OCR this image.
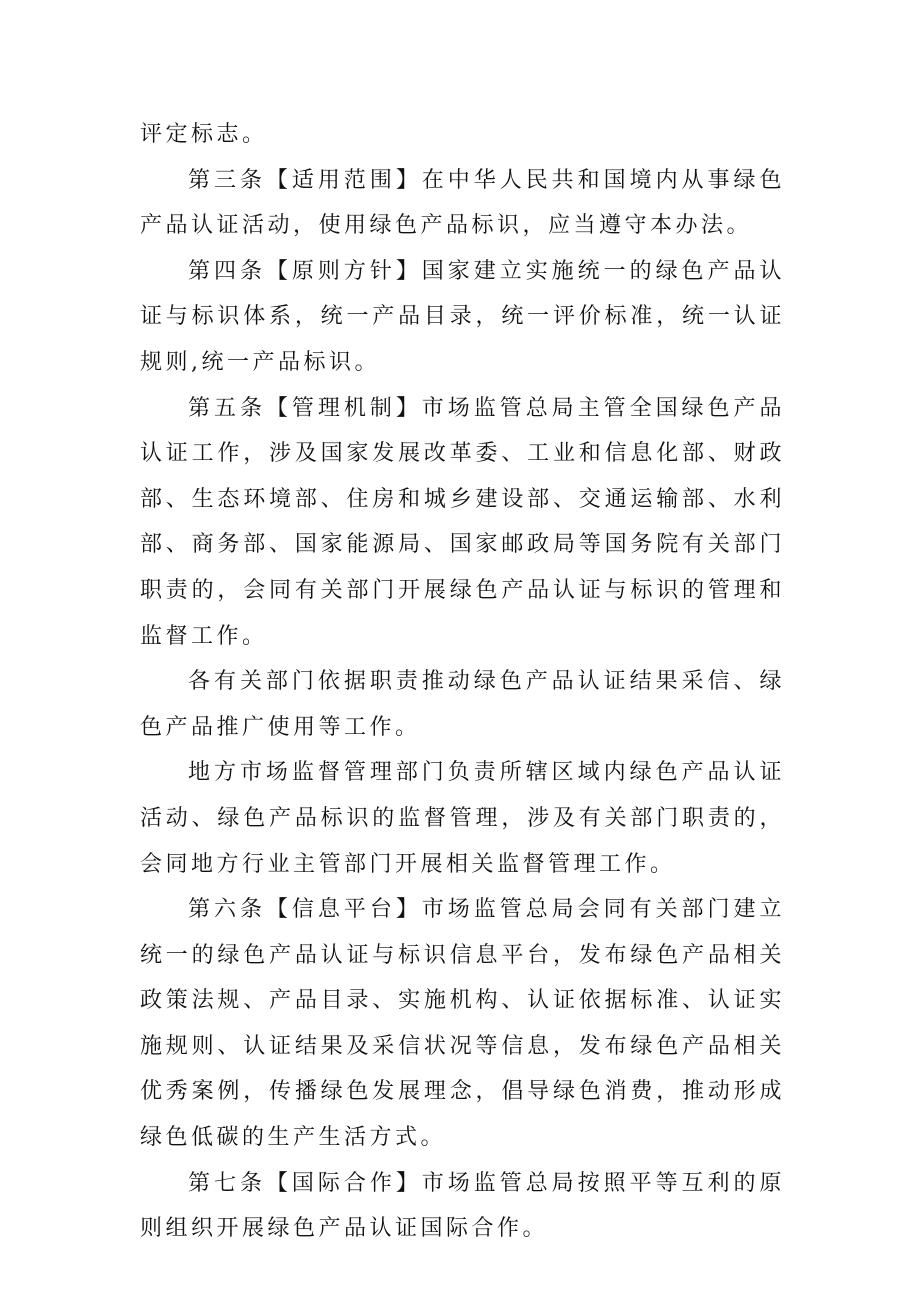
评定标志。

第三条【适用范围】在中华人民共和国境内从事绿色产品认证活动，使用绿色产品标识，应当遵守本办法。

第四条【原则方针】国家建立实施统一的绿色产品认证与标识体系，统一产品目录，统一评价标准，统一认证规则,统一产品标识。

第五条【管理机制】市场监管总局主管全国绿色产品认证工作，涉及国家发展改革委、工业和信息化部、财政部、生态环境部、住房和城乡建设部、交通运输部、水利部、商务部、国家能源局、国家邮政局等国务院有关部门职责的，会同有关部门开展绿色产品认证与标识的管理和监督工作。

各有关部门依据职责推动绿色产品认证结果采信、绿色产品推广使用等工作。

地方市场监督管理部门负责所辖区域内绿色产品认证活动、绿色产品标识的监督管理，涉及有关部门职责的，会同地方行业主管部门开展相关监督管理工作。

第六条【信息平台】市场监管总局会同有关部门建立统一的绿色产品认证与标识信息平台，发布绿色产品相关政策法规、产品目录、实施机构、认证依据标准、认证实施规则、认证结果及采信状况等信息，发布绿色产品相关优秀案例，传播绿色发展理念，倡导绿色消费，推动形成绿色低碳的生产生活方式。

第七条【国际合作】市场监管总局按照平等互利的原则组织开展绿色产品认证国际合作。
